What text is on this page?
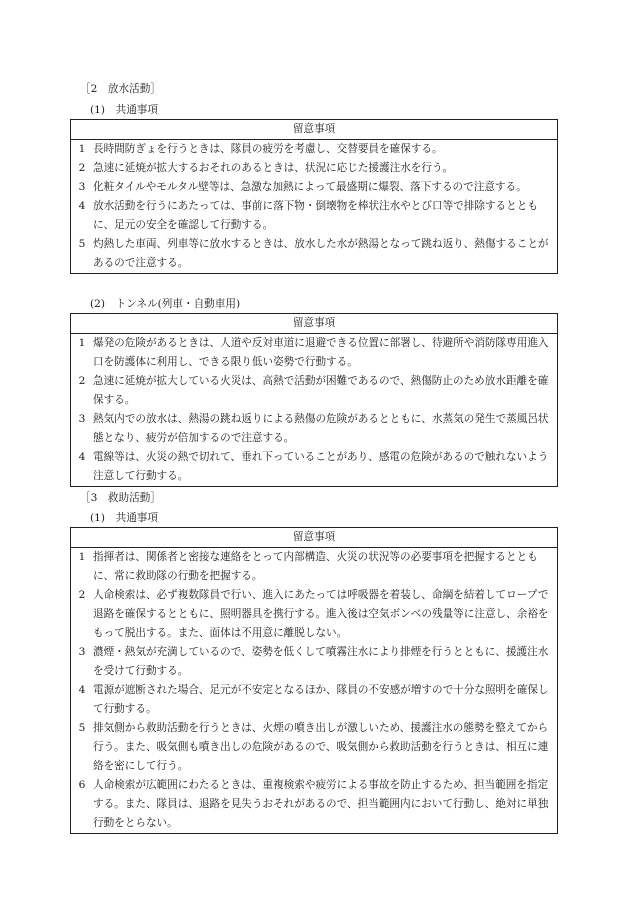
［2　放水活動］
(1)　共通事項
留意事項

1 長時間防ぎょを行うときは、隊員の疲労を考慮し、交替要員を確保する。
2 急速に延焼が拡大するおそれのあるときは、状況に応じた援護注水を行う。
3 化粧タイルやモルタル壁等は、急激な加熱によって最盛期に爆裂、落下するので注意する。
4 放水活動を行うにあたっては、事前に落下物・倒壊物を棒状注水やとび口等で排除するとともに、足元の安全を確認して行動する。
5 灼熱した車両、列車等に放水するときは、放水した水が熱湯となって跳ね返り、熱傷することがあるので注意する。
(2)　トンネル(列車・自動車用)
留意事項

1 爆発の危険があるときは、人道や反対車道に退避できる位置に部署し、待避所や消防隊専用進入口を防護体に利用し、できる限り低い姿勢で行動する。
2 急速に延焼が拡大している火災は、高熱で活動が困難であるので、熱傷防止のため放水距離を確保する。
3 熱気内での放水は、熱湯の跳ね返りによる熱傷の危険があるとともに、水蒸気の発生で蒸風呂状態となり、疲労が倍加するので注意する。
4 電線等は、火災の熱で切れて、垂れ下っていることがあり、感電の危険があるので触れないよう注意して行動する。
［3　救助活動］
(1)　共通事項
留意事項

1 指揮者は、関係者と密接な連絡をとって内部構造、火災の状況等の必要事項を把握するとともに、常に救助隊の行動を把握する。
2 人命検索は、必ず複数隊員で行い、進入にあたっては呼吸器を着装し、命綱を結着してロープで退路を確保するとともに、照明器具を携行する。進入後は空気ボンベの残量等に注意し、余裕をもって脱出する。また、面体は不用意に離脱しない。
3 濃煙・熱気が充満しているので、姿勢を低くして噴霧注水により排煙を行うとともに、援護注水を受けて行動する。
4 電源が遮断された場合、足元が不安定となるほか、隊員の不安感が増すので十分な照明を確保して行動する。
5 排気側から救助活動を行うときは、火煙の噴き出しが激しいため、援護注水の態勢を整えてから行う。また、吸気側も噴き出しの危険があるので、吸気側から救助活動を行うときは、相互に連絡を密にして行う。
6 人命検索が広範囲にわたるときは、重複検索や疲労による事故を防止するため、担当範囲を指定する。また、隊員は、退路を見失うおそれがあるので、担当範囲内において行動し、絶対に単独行動をとらない。
